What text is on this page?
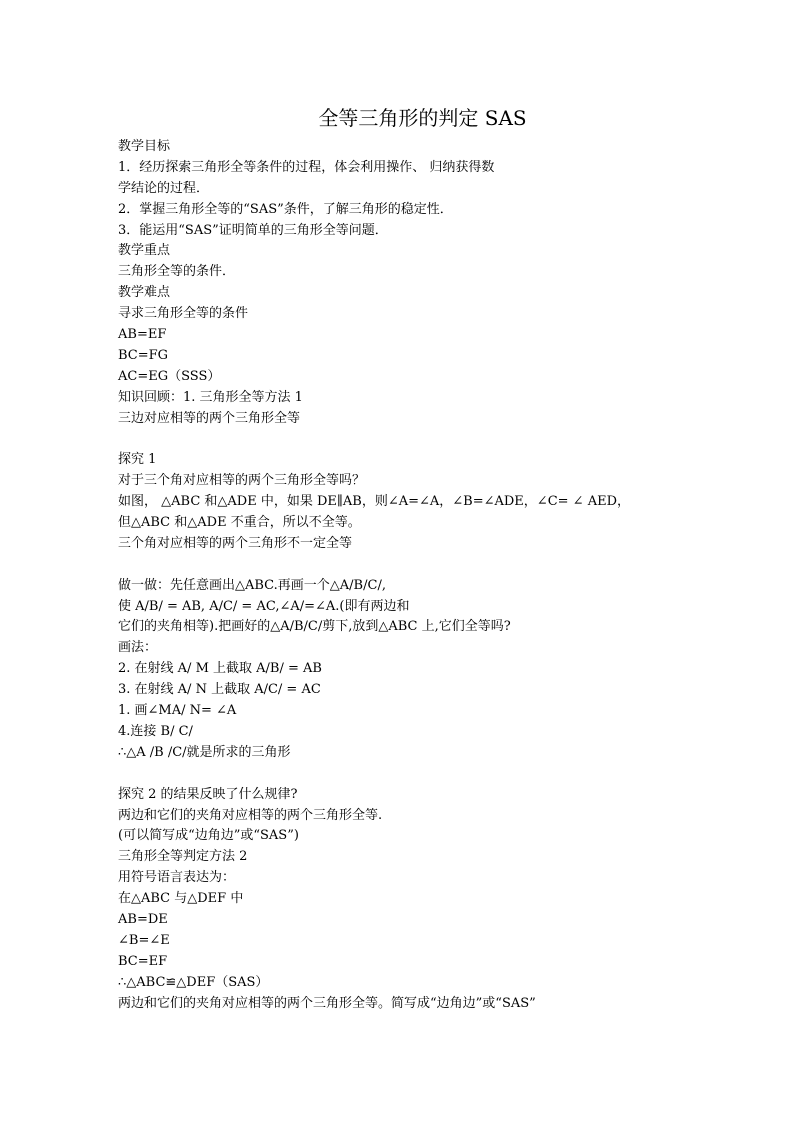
全等三角形的判定 SAS
教学目标
1．经历探索三角形全等条件的过程，体会利用操作、 归纳获得数
学结论的过程．
2．掌握三角形全等的“SAS”条件，了解三角形的稳定性．
3．能运用“SAS”证明简单的三角形全等问题．
教学重点
三角形全等的条件．
教学难点
寻求三角形全等的条件
AB=EF
BC=FG
AC=EG（SSS）
知识回顾：1. 三角形全等方法 1
三边对应相等的两个三角形全等
探究 1
对于三个角对应相等的两个三角形全等吗？
如图， △ABC 和△ADE 中，如果 DE∥AB，则∠A=∠A，∠B=∠ADE，∠C= ∠ AED，
但△ABC 和△ADE 不重合，所以不全等。
三个角对应相等的两个三角形不一定全等
做一做：先任意画出△ABC.再画一个△A/B/C/,
使 A/B/ = AB, A/C/ = AC,∠A/=∠A.(即有两边和
它们的夹角相等).把画好的△A/B/C/剪下,放到△ABC 上,它们全等吗?
画法：
2. 在射线 A/ M 上截取 A/B/ = AB
3. 在射线 A/ N 上截取 A/C/ = AC
1. 画∠MA/ N= ∠A
4.连接 B/ C/
∴△A /B /C/就是所求的三角形
探究 2 的结果反映了什么规律?
两边和它们的夹角对应相等的两个三角形全等.
(可以简写成“边角边”或“SAS”)
三角形全等判定方法 2
用符号语言表达为：
在△ABC 与△DEF 中
AB=DE
∠B=∠E
BC=EF
∴△ABC≌△DEF（SAS）
两边和它们的夹角对应相等的两个三角形全等。简写成“边角边”或“SAS”
